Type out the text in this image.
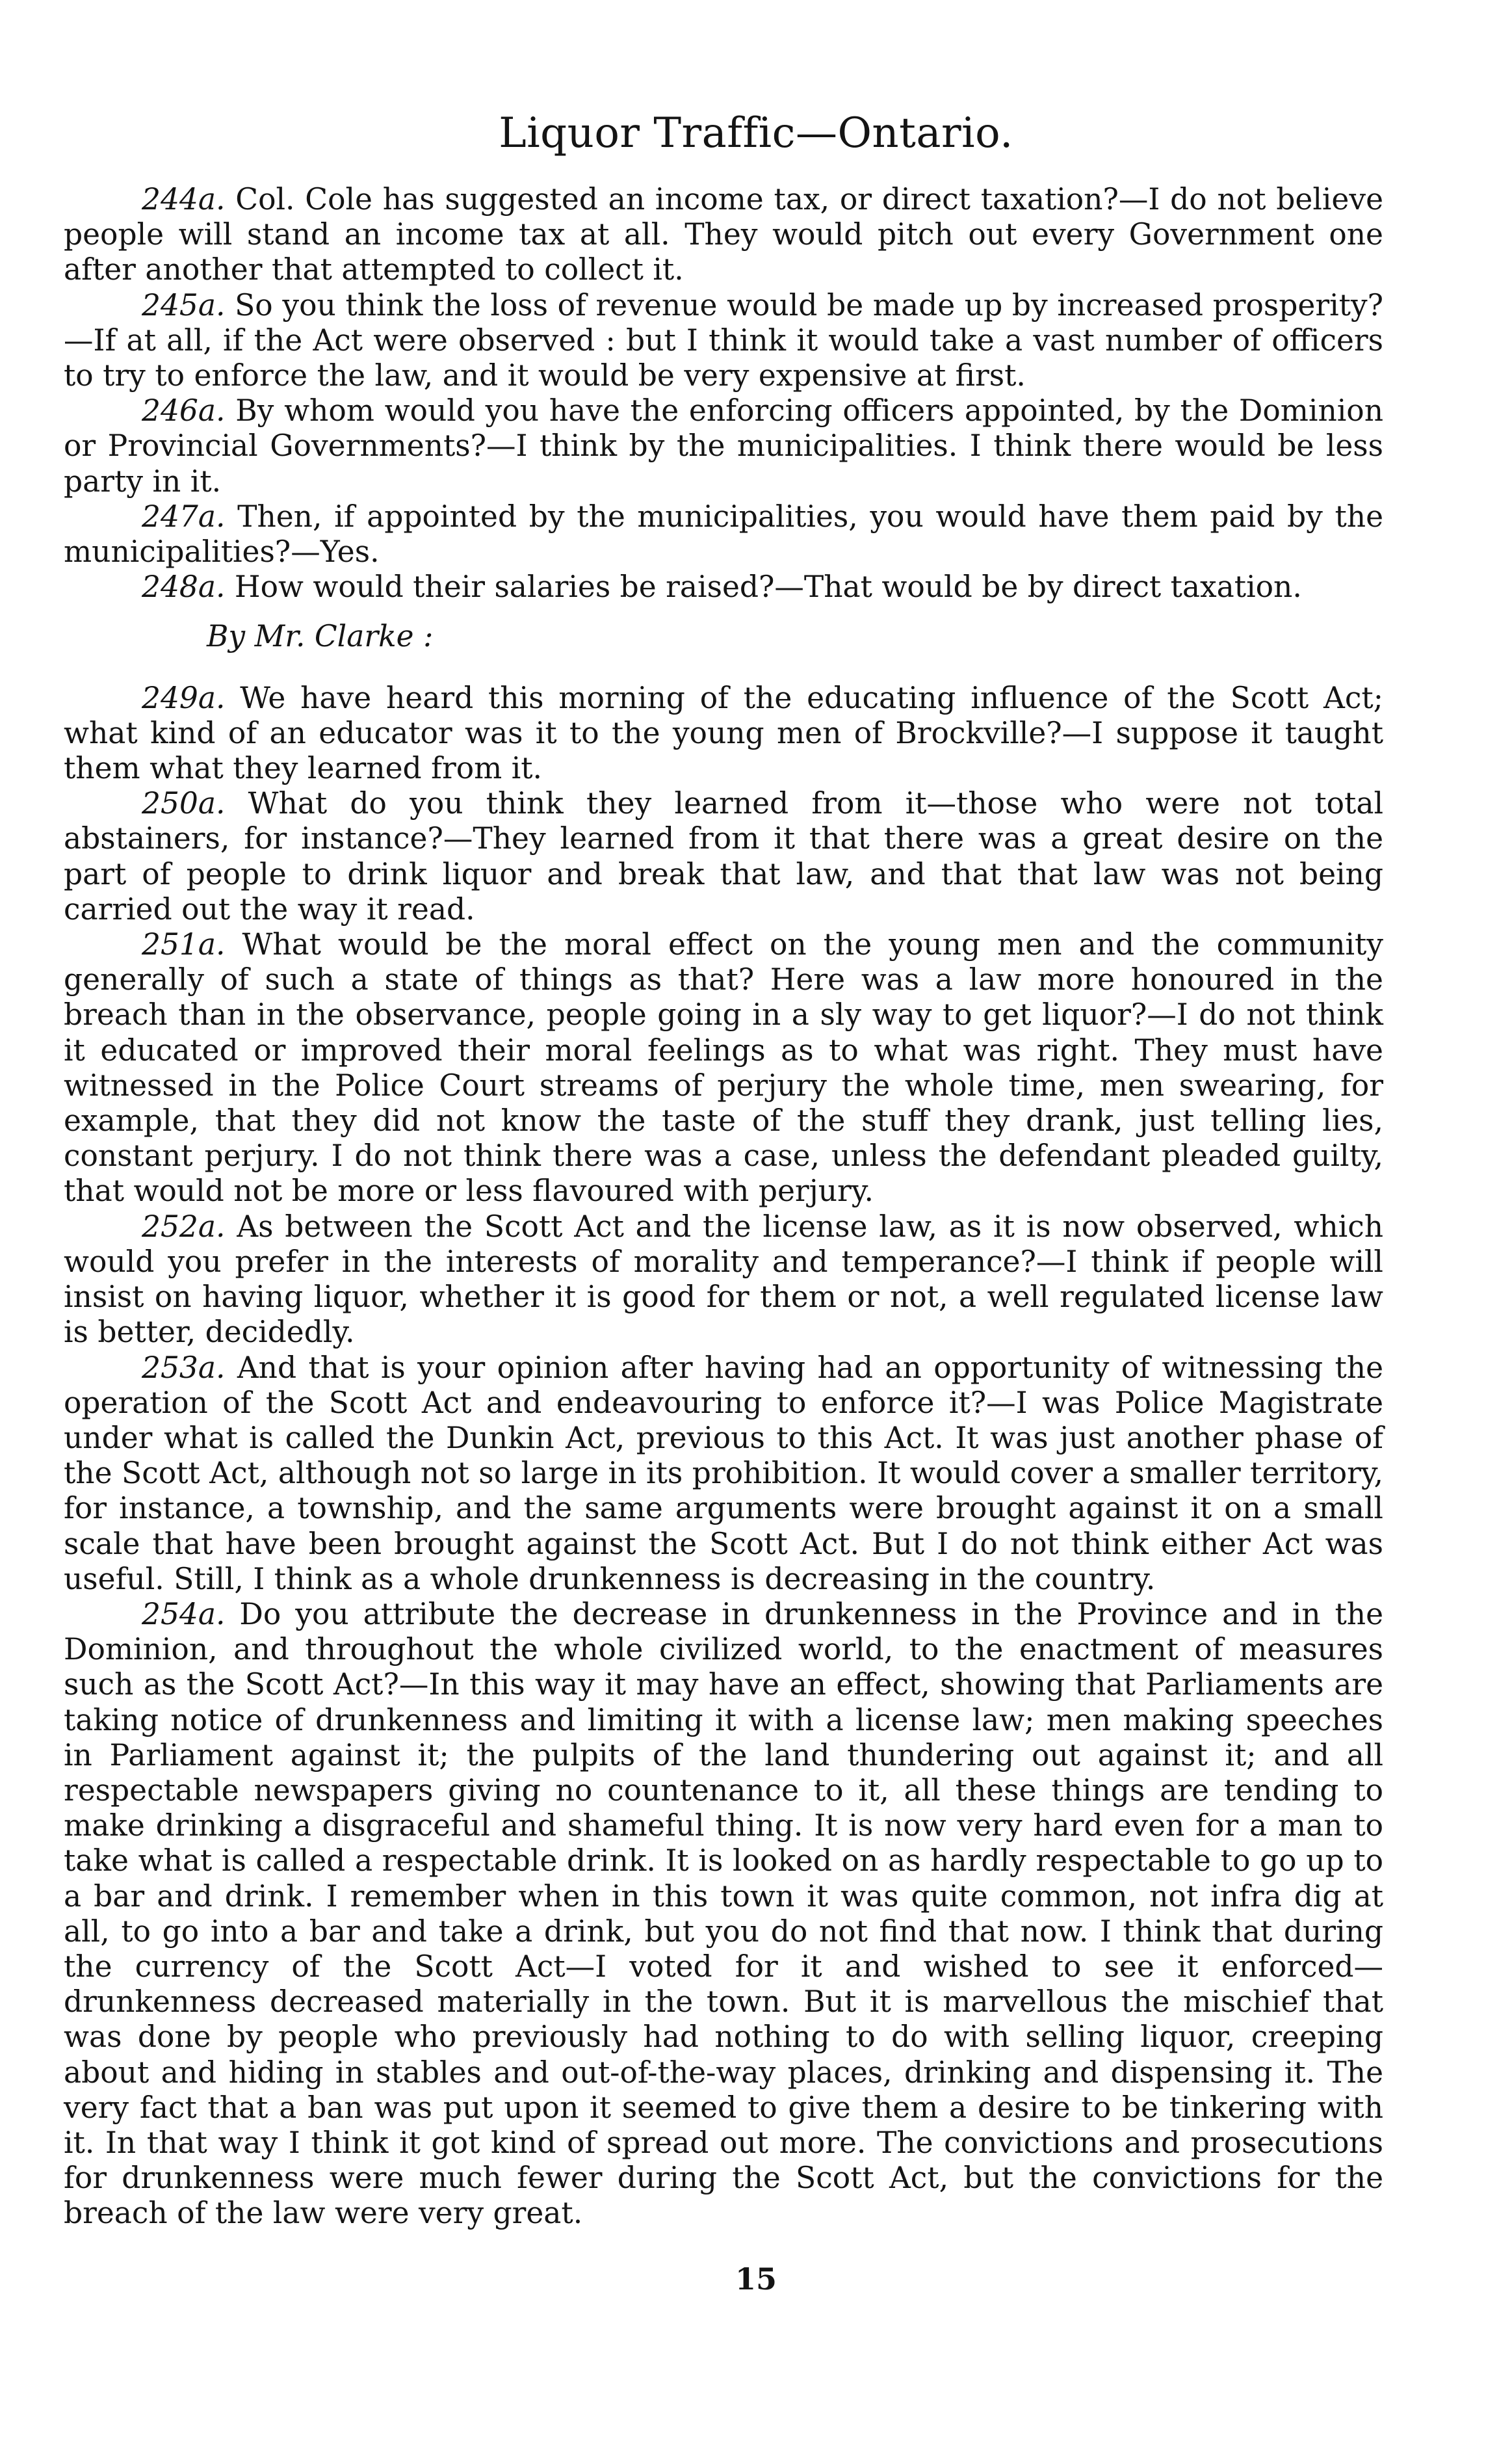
Liquor Traffic—Ontario.

244a. Col. Cole has suggested an income tax, or direct taxation?—I do not believe people will stand an income tax at all. They would pitch out every Government one after another that attempted to collect it.

245a. So you think the loss of revenue would be made up by increased prosperity? —If at all, if the Act were observed : but I think it would take a vast number of officers to try to enforce the law, and it would be very expensive at first.

246a. By whom would you have the enforcing officers appointed, by the Dominion or Provincial Governments?—I think by the municipalities. I think there would be less party in it.

247a. Then, if appointed by the municipalities, you would have them paid by the municipalities?—Yes.

248a. How would their salaries be raised?—That would be by direct taxation.

By Mr. Clarke :

249a. We have heard this morning of the educating influence of the Scott Act; what kind of an educator was it to the young men of Brockville?—I suppose it taught them what they learned from it.

250a. What do you think they learned from it—those who were not total abstainers, for instance?—They learned from it that there was a great desire on the part of people to drink liquor and break that law, and that that law was not being carried out the way it read.

251a. What would be the moral effect on the young men and the community generally of such a state of things as that? Here was a law more honoured in the breach than in the observance, people going in a sly way to get liquor?—I do not think it educated or improved their moral feelings as to what was right. They must have witnessed in the Police Court streams of perjury the whole time, men swearing, for example, that they did not know the taste of the stuff they drank, just telling lies, constant perjury. I do not think there was a case, unless the defendant pleaded guilty, that would not be more or less flavoured with perjury.

252a. As between the Scott Act and the license law, as it is now observed, which would you prefer in the interests of morality and temperance?—I think if people will insist on having liquor, whether it is good for them or not, a well regulated license law is better, decidedly.

253a. And that is your opinion after having had an opportunity of witnessing the operation of the Scott Act and endeavouring to enforce it?—I was Police Magistrate under what is called the Dunkin Act, previous to this Act. It was just another phase of the Scott Act, although not so large in its prohibition. It would cover a smaller territory, for instance, a township, and the same arguments were brought against it on a small scale that have been brought against the Scott Act. But I do not think either Act was useful. Still, I think as a whole drunkenness is decreasing in the country.

254a. Do you attribute the decrease in drunkenness in the Province and in the Dominion, and throughout the whole civilized world, to the enactment of measures such as the Scott Act?—In this way it may have an effect, showing that Parliaments are taking notice of drunkenness and limiting it with a license law; men making speeches in Parliament against it; the pulpits of the land thundering out against it; and all respectable newspapers giving no countenance to it, all these things are tending to make drinking a disgraceful and shameful thing. It is now very hard even for a man to take what is called a respectable drink. It is looked on as hardly respectable to go up to a bar and drink. I remember when in this town it was quite common, not infra dig at all, to go into a bar and take a drink, but you do not find that now. I think that during the currency of the Scott Act—I voted for it and wished to see it enforced—drunkenness decreased materially in the town. But it is marvellous the mischief that was done by people who previously had nothing to do with selling liquor, creeping about and hiding in stables and out-of-the-way places, drinking and dispensing it. The very fact that a ban was put upon it seemed to give them a desire to be tinkering with it. In that way I think it got kind of spread out more. The convictions and prosecutions for drunkenness were much fewer during the Scott Act, but the convictions for the breach of the law were very great.

15
